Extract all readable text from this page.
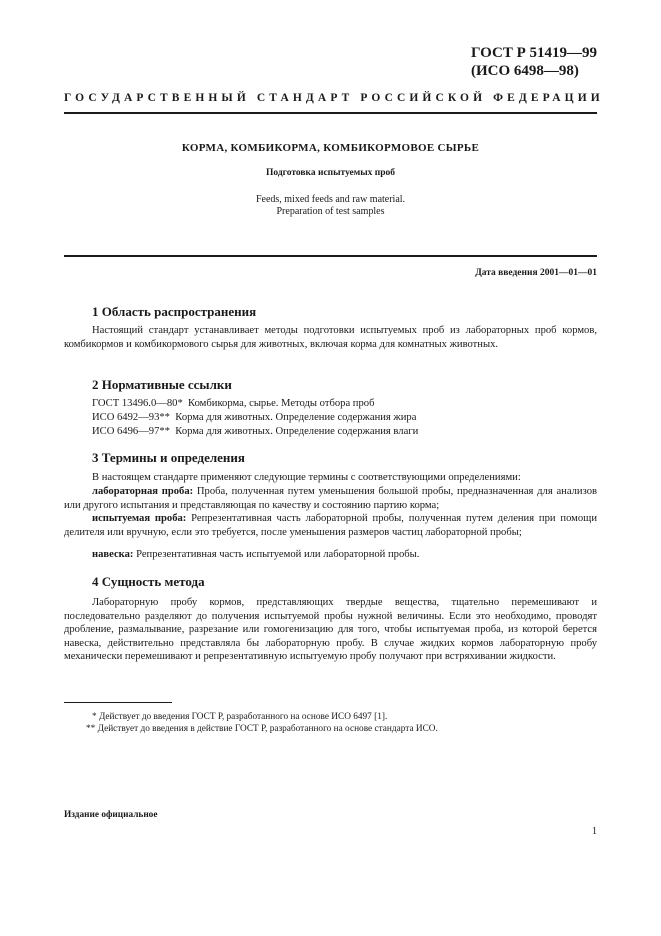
ГОСТ Р 51419—99
(ИСО 6498—98)
ГОСУДАРСТВЕННЫЙ СТАНДАРТ РОССИЙСКОЙ ФЕДЕРАЦИИ
КОРМА, КОМБИКОРМА, КОМБИКОРМОВОЕ СЫРЬЕ
Подготовка испытуемых проб
Feeds, mixed feeds and raw material.
Preparation of test samples
Дата введения 2001—01—01
1 Область распространения

Настоящий стандарт устанавливает методы подготовки испытуемых проб из лабораторных проб кормов, комбикормов и комбикормового сырья для животных, включая корма для комнатных животных.

2 Нормативные ссылки
ГОСТ 13496.0—80* Комбикорма, сырье. Методы отбора проб
ИСО 6492—93** Корма для животных. Определение содержания жира
ИСО 6496—97** Корма для животных. Определение содержания влаги
3 Термины и определения

В настоящем стандарте применяют следующие термины с соответствующими определениями:

лабораторная проба: Проба, полученная путем уменьшения большой пробы, предназначенная для анализов или другого испытания и представляющая по качеству и состоянию партию корма;

испытуемая проба: Репрезентативная часть лабораторной пробы, полученная путем деления при помощи делителя или вручную, если это требуется, после уменьшения размеров частиц лабораторной пробы;

навеска: Репрезентативная часть испытуемой или лабораторной пробы.

4 Сущность метода

Лабораторную пробу кормов, представляющих твердые вещества, тщательно перемешивают и последовательно разделяют до получения испытуемой пробы нужной величины. Если это необходимо, проводят дробление, размалывание, разрезание или гомогенизацию для того, чтобы испытуемая проба, из которой берется навеска, действительно представляла бы лабораторную пробу. В случае жидких кормов лабораторную пробу механически перемешивают и репрезентативную испытуемую пробу получают при встряхивании жидкости.

* Действует до введения ГОСТ Р, разработанного на основе ИСО 6497 [1].
** Действует до введения в действие ГОСТ Р, разработанного на основе стандарта ИСО.
Издание официальное
1
